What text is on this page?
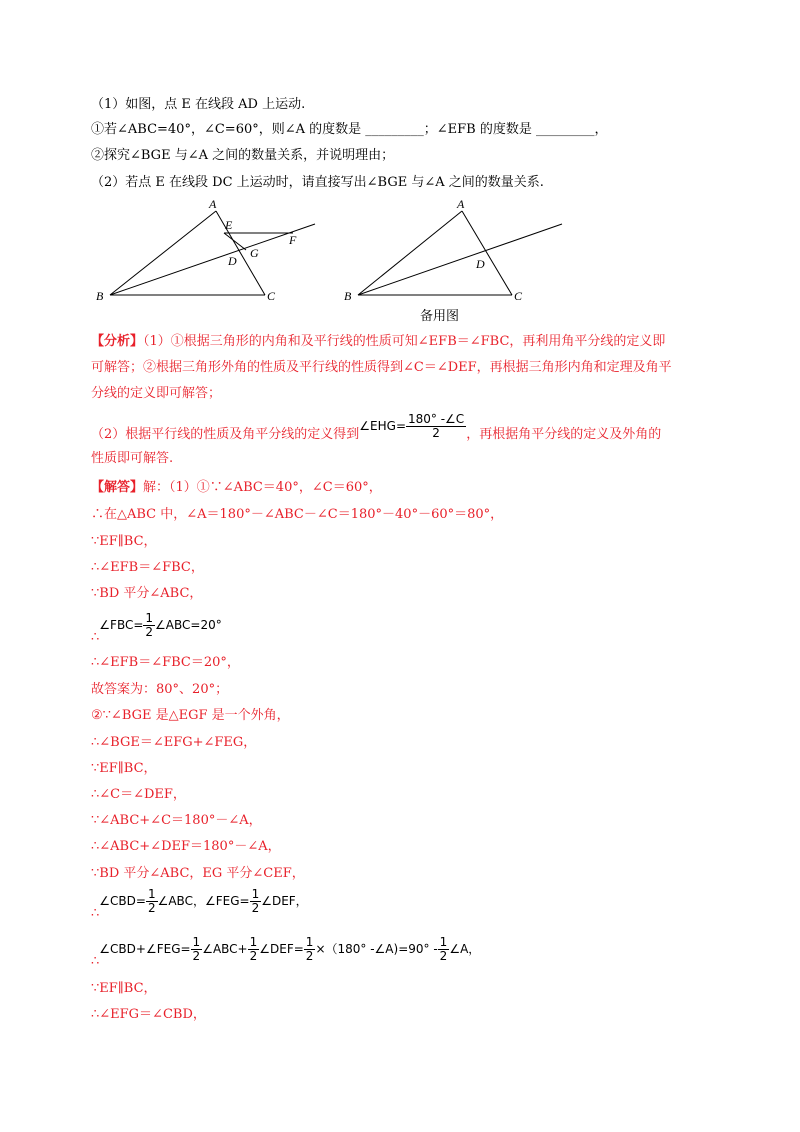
（1）如图，点 E 在线段 AD 上运动.
①若∠ABC=40°，∠C=60°，则∠A 的度数是 _________；∠EFB 的度数是 _________，
②探究∠BGE 与∠A 之间的数量关系，并说明理由；
（2）若点 E 在线段 DC 上运动时，请直接写出∠BGE 与∠A 之间的数量关系.
A
B	C
D
E
F
G
A
B	C
D
备用图
【分析】（1）①根据三角形的内角和及平行线的性质可知∠EFB＝∠FBC，再利用角平分线的定义即
可解答；②根据三角形外角的性质及平行线的性质得到∠C＝∠DEF，再根据三角形内角和定理及角平
分线的定义即可解答；
（2）根据平行线的性质及角平分线的定义得到∠EHG= $\frac{180^\circ -\angle C}{2}$ ，再根据角平分线的定义及外角的
性质即可解答.
【解答】解：（1）①∵∠ABC＝40°，∠C＝60°，
∴在△ABC 中，∠A＝180°－∠ABC－∠C＝180°－40°－60°＝80°，
∵EF∥BC，
∴∠EFB＝∠FBC，
∵BD 平分∠ABC，
∴∠FBC= $\frac{1}{2}$ ∠ABC=20°
∴∠EFB＝∠FBC＝20°，
故答案为：80°、20°；
②∵∠BGE 是△EGF 是一个外角，
∴∠BGE＝∠EFG+∠FEG，
∵EF∥BC，
∴∠C＝∠DEF，
∵∠ABC+∠C＝180°－∠A，
∴∠ABC+∠DEF＝180°－∠A，
∵BD 平分∠ABC，EG 平分∠CEF，
∴∠CBD= $\frac{1}{2}$ ∠ABC，∠FEG= $\frac{1}{2}$ ∠DEF，
∴∠CBD+∠FEG= $\frac{1}{2}$ ∠ABC+ $\frac{1}{2}$ ∠DEF= $\frac{1}{2} \times(180^\circ$ -∠A)=90° - $\frac{1}{2}$ ∠A，
∵EF∥BC，
∴∠EFG＝∠CBD，
